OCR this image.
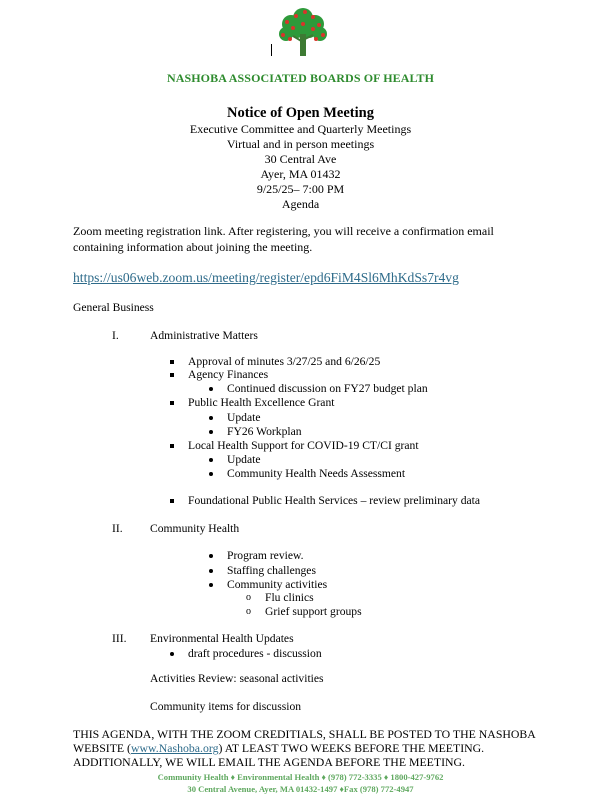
NASHOBA ASSOCIATED BOARDS OF HEALTH
Notice of Open Meeting
Executive Committee and Quarterly Meetings
Virtual and in person meetings
30 Central Ave
Ayer, MA 01432
9/25/25– 7:00 PM
Agenda
Zoom meeting registration link. After registering, you will receive a confirmation email containing information about joining the meeting.
https://us06web.zoom.us/meeting/register/epd6FiM4Sl6MhKdSs7r4vg
General Business
I.	Administrative Matters
Approval of minutes 3/27/25 and 6/26/25
Agency Finances
Continued discussion on FY27 budget plan
Public Health Excellence Grant
Update
FY26 Workplan
Local Health Support for COVID-19 CT/CI grant
Update
Community Health Needs Assessment
Foundational Public Health Services – review preliminary data
II. Community Health
Program review.
Staffing challenges
Community activities
o Flu clinics
o Grief support groups
III. Environmental Health Updates
draft procedures - discussion
Activities Review: seasonal activities
Community items for discussion
THIS AGENDA, WITH THE ZOOM CREDITIALS, SHALL BE POSTED TO THE NASHOBA WEBSITE (www.Nashoba.org) AT LEAST TWO WEEKS BEFORE THE MEETING. ADDITIONALLY, WE WILL EMAIL THE AGENDA BEFORE THE MEETING.
Community Health ♦ Environmental Health ♦ (978) 772-3335 ♦ 1800-427-9762
30 Central Avenue, Ayer, MA 01432-1497 ♦Fax (978) 772-4947
